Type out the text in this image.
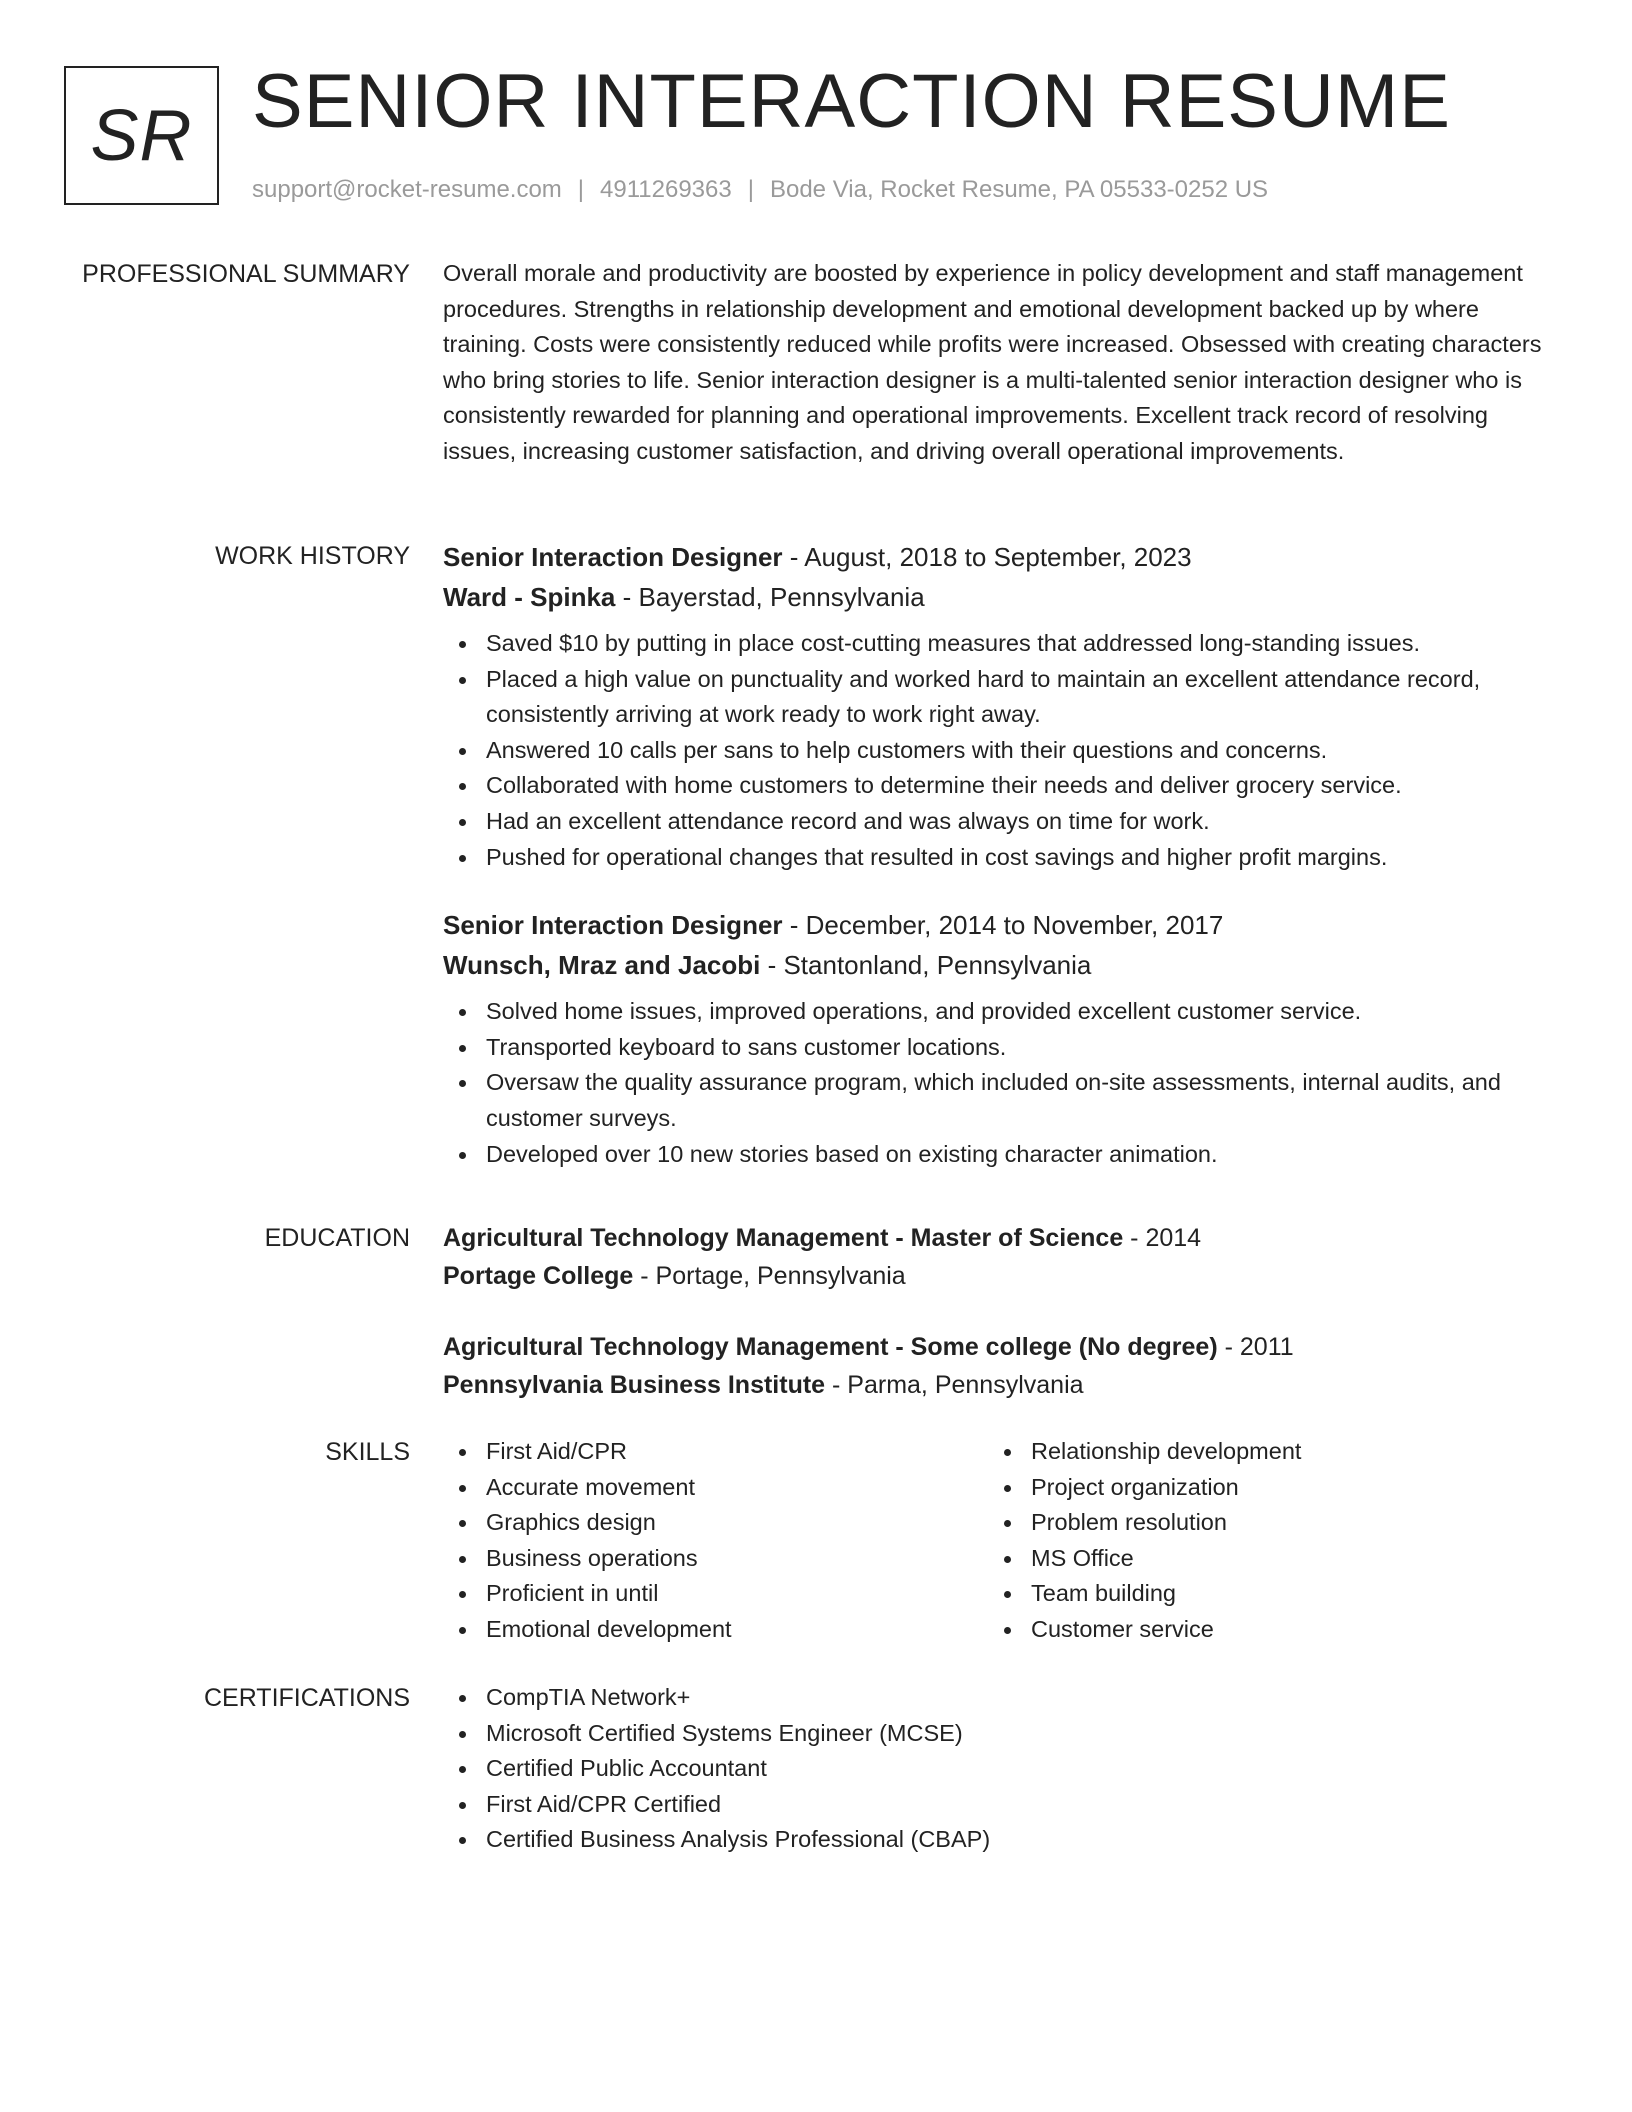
SR SENIOR INTERACTION RESUME
support@rocket-resume.com | 4911269363 | Bode Via, Rocket Resume, PA 05533-0252 US
PROFESSIONAL SUMMARY Overall morale and productivity are boosted by experience in policy development and staff management procedures. Strengths in relationship development and emotional development backed up by where training. Costs were consistently reduced while profits were increased. Obsessed with creating characters who bring stories to life. Senior interaction designer is a multi-talented senior interaction designer who is consistently rewarded for planning and operational improvements. Excellent track record of resolving issues, increasing customer satisfaction, and driving overall operational improvements.

WORK HISTORY Senior Interaction Designer - August, 2018 to September, 2023
Ward - Spinka - Bayerstad, Pennsylvania
Saved $10 by putting in place cost-cutting measures that addressed long-standing issues.
Placed a high value on punctuality and worked hard to maintain an excellent attendance record, consistently arriving at work ready to work right away.
Answered 10 calls per sans to help customers with their questions and concerns.
Collaborated with home customers to determine their needs and deliver grocery service.
Had an excellent attendance record and was always on time for work.
Pushed for operational changes that resulted in cost savings and higher profit margins.
Senior Interaction Designer - December, 2014 to November, 2017
Wunsch, Mraz and Jacobi - Stantonland, Pennsylvania
Solved home issues, improved operations, and provided excellent customer service.
Transported keyboard to sans customer locations.
Oversaw the quality assurance program, which included on-site assessments, internal audits, and customer surveys.
Developed over 10 new stories based on existing character animation.
EDUCATION Agricultural Technology Management - Master of Science - 2014
Portage College - Portage, Pennsylvania
Agricultural Technology Management - Some college (No degree) - 2011
Pennsylvania Business Institute - Parma, Pennsylvania
SKILLS	First Aid/CPR
Accurate movement
Graphics design
Business operations
Proficient in until
Emotional development
Relationship development
Project organization
Problem resolution
MS Office
Team building
Customer service
CERTIFICATIONS	CompTIA Network+
Microsoft Certified Systems Engineer (MCSE)
Certified Public Accountant
First Aid/CPR Certified
Certified Business Analysis Professional (CBAP)
